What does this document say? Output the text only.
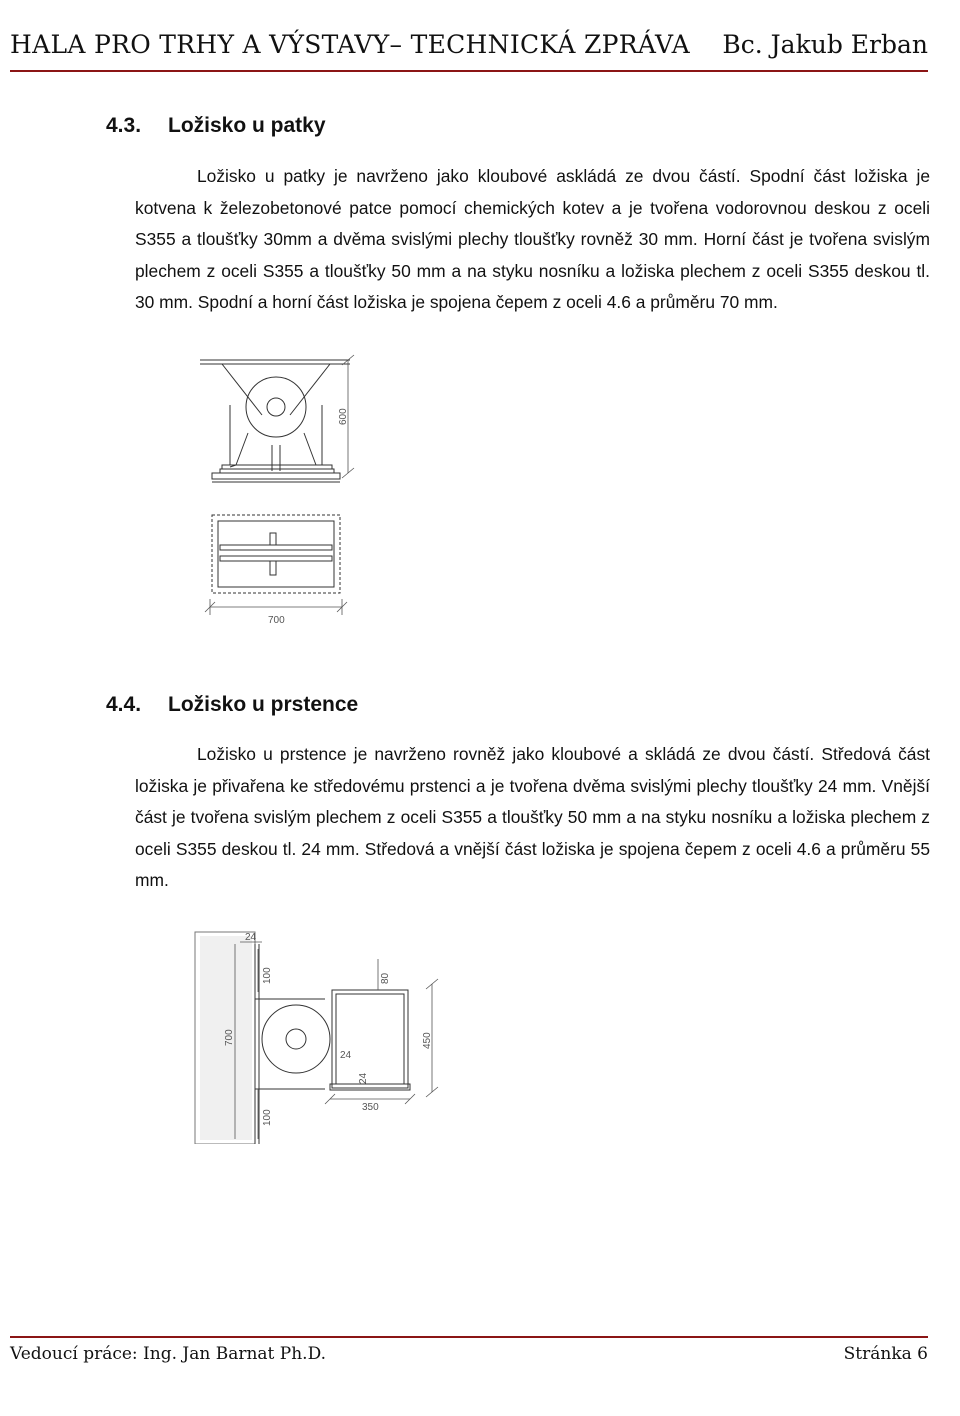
HALA PRO TRHY A VÝSTAVY– TECHNICKÁ ZPRÁVA Bc. Jakub Erban
4.3. Ložisko u patky

Ložisko u patky je navrženo jako kloubové askládá ze dvou částí. Spodní část ložiska je kotvena k železobetonové patce pomocí chemických kotev a je tvořena vodorovnou deskou z oceli S355 a tloušťky 30mm a dvěma svislými plechy tloušťky rovněž 30 mm. Horní část je tvořena svislým plechem z oceli S355 a tloušťky 50 mm a na styku nosníku a ložiska plechem z oceli S355 deskou tl. 30 mm. Spodní a horní část ložiska je spojena čepem z oceli 4.6 a průměru 70 mm.

600
700
4.4. Ložisko u prstence

Ložisko u prstence je navrženo rovněž jako kloubové a skládá ze dvou částí. Středová část ložiska je přivařena ke středovému prstenci a je tvořena dvěma svislými plechy tloušťky 24 mm. Vnější část je tvořena svislým plechem z oceli S355 a tloušťky 50 mm a na styku nosníku a ložiska plechem z oceli S355 deskou tl. 24 mm. Středová a vnější část ložiska je spojena čepem z oceli 4.6 a průměru 55 mm.

24
100
700
100
80
450
24
24
350
Vedoucí práce: Ing. Jan Barnat Ph.D.	Stránka 6
